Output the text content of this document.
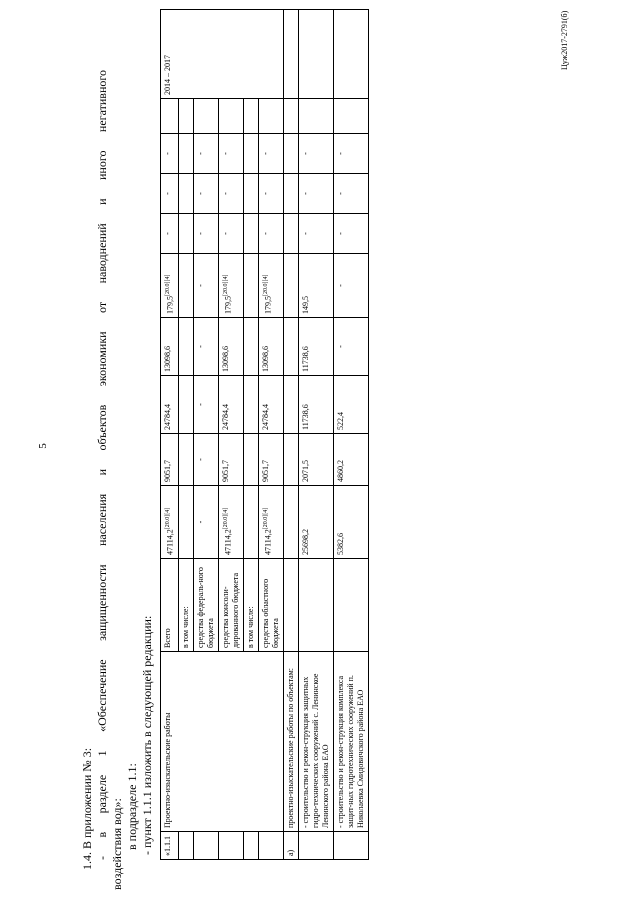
5
Цуж2017-2791(б)

1.4. В приложении № 3: - в разделе 1 «Обеспечение защищенности населения и объектов экономики от наводнений и иного негативного воздействия вод»: в подразделе 1.1: - пункт 1.1.1 изложить в следующей редакции: «1.1.1	Проектно-изыскательские работы	Всего	47114,2[20.0][4]	9051,7	24784,4	13098,6	179,5[20.0][4]	-	-	-		2014 – 2017
		в том числе:										
		средства федераль-ного бюджета	-	-	-	-	-	-	-	-		
		средства консоли-дированного бюджета	47114,2[20.0][4]	9051,7	24784,4	13098,6	179,5[20.0][4]	-	-	-		
		в том числе:										
		средства областного бюджета	47114,2[20.0][4]	9051,7	24784,4	13098,6	179,5[20.0][4]	-	-	-		
а)	проектно-изыскательские работы по объектам:											
	- строительство и рекон-струкция защитных гидро-технических сооружений с. Ленинское Ленинского района ЕАО		25698,2	2071,5	11738,6	11738,6	149,5	-	-	-		
	- строительство и рекон-струкция комплекса защит-ных гидротехнических сооружений п. Николаевка Смидовичского района ЕАО		5382,6	4860,2	522,4	-	-	-	-	-		
